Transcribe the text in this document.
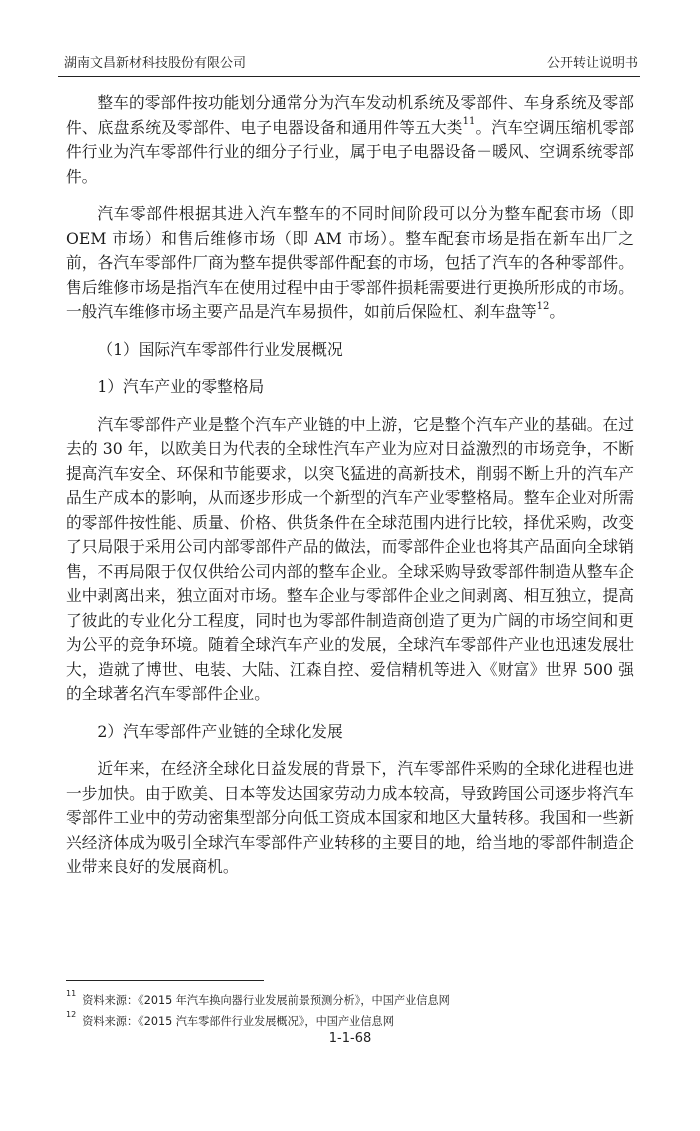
湖南文昌新材科技股份有限公司	公开转让说明书

整车的零部件按功能划分通常分为汽车发动机系统及零部件、车身系统及零部件、底盘系统及零部件、电子电器设备和通用件等五大类$^{11}$。汽车空调压缩机零部件行业为汽车零部件行业的细分子行业，属于电子电器设备－暖风、空调系统零部件。

汽车零部件根据其进入汽车整车的不同时间阶段可以分为整车配套市场（即OEM 市场）和售后维修市场（即 AM 市场）。整车配套市场是指在新车出厂之前，各汽车零部件厂商为整车提供零部件配套的市场，包括了汽车的各种零部件。售后维修市场是指汽车在使用过程中由于零部件损耗需要进行更换所形成的市场。一般汽车维修市场主要产品是汽车易损件，如前后保险杠、刹车盘等$^{12}$。

（1）国际汽车零部件行业发展概况

1）汽车产业的零整格局

汽车零部件产业是整个汽车产业链的中上游，它是整个汽车产业的基础。在过去的 30 年，以欧美日为代表的全球性汽车产业为应对日益激烈的市场竞争，不断提高汽车安全、环保和节能要求，以突飞猛进的高新技术，削弱不断上升的汽车产品生产成本的影响，从而逐步形成一个新型的汽车产业零整格局。整车企业对所需的零部件按性能、质量、价格、供货条件在全球范围内进行比较，择优采购，改变了只局限于采用公司内部零部件产品的做法，而零部件企业也将其产品面向全球销售，不再局限于仅仅供给公司内部的整车企业。全球采购导致零部件制造从整车企业中剥离出来，独立面对市场。整车企业与零部件企业之间剥离、相互独立，提高了彼此的专业化分工程度，同时也为零部件制造商创造了更为广阔的市场空间和更为公平的竞争环境。随着全球汽车产业的发展，全球汽车零部件产业也迅速发展壮大，造就了博世、电装、大陆、江森自控、爱信精机等进入《财富》世界 500 强的全球著名汽车零部件企业。

2）汽车零部件产业链的全球化发展

近年来，在经济全球化日益发展的背景下，汽车零部件采购的全球化进程也进一步加快。由于欧美、日本等发达国家劳动力成本较高，导致跨国公司逐步将汽车零部件工业中的劳动密集型部分向低工资成本国家和地区大量转移。我国和一些新兴经济体成为吸引全球汽车零部件产业转移的主要目的地，给当地的零部件制造企业带来良好的发展商机。

$^{11}$资料来源：《2015 年汽车换向器行业发展前景预测分析》，中国产业信息网
$^{12}$资料来源：《2015 汽车零部件行业发展概况》，中国产业信息网
1-1-68
